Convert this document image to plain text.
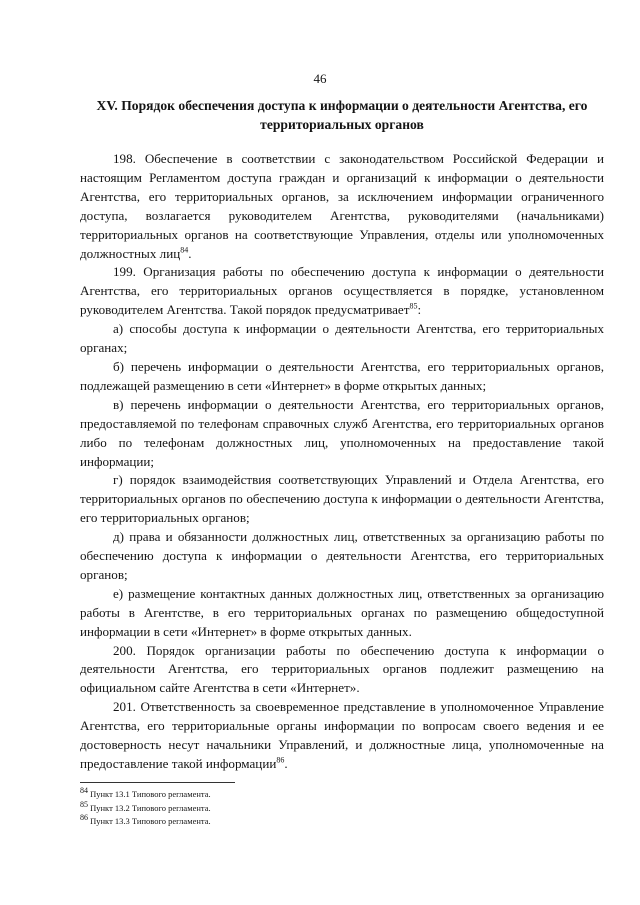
46
XV. Порядок обеспечения доступа к информации о деятельности Агентства, его территориальных органов

198. Обеспечение в соответствии с законодательством Российской Федерации и настоящим Регламентом доступа граждан и организаций к информации о деятельности Агентства, его территориальных органов, за исключением информации ограниченного доступа, возлагается руководителем Агентства, руководителями (начальниками) территориальных органов на соответствующие Управления, отделы или уполномоченных должностных лиц$^{84}$.

199. Организация работы по обеспечению доступа к информации о деятельности Агентства, его территориальных органов осуществляется в порядке, установленном руководителем Агентства. Такой порядок предусматривает$^{85}$:

а) способы доступа к информации о деятельности Агентства, его территориальных органах;

б) перечень информации о деятельности Агентства, его территориальных органов, подлежащей размещению в сети «Интернет» в форме открытых данных;

в) перечень информации о деятельности Агентства, его территориальных органов, предоставляемой по телефонам справочных служб Агентства, его территориальных органов либо по телефонам должностных лиц, уполномоченных на предоставление такой информации;

г) порядок взаимодействия соответствующих Управлений и Отдела Агентства, его территориальных органов по обеспечению доступа к информации о деятельности Агентства, его территориальных органов;

д) права и обязанности должностных лиц, ответственных за организацию работы по обеспечению доступа к информации о деятельности Агентства, его территориальных органов;

е) размещение контактных данных должностных лиц, ответственных за организацию работы в Агентстве, в его территориальных органах по размещению общедоступной информации в сети «Интернет» в форме открытых данных.

200. Порядок организации работы по обеспечению доступа к информации о деятельности Агентства, его территориальных органов подлежит размещению на официальном сайте Агентства в сети «Интернет».

201. Ответственность за своевременное представление в уполномоченное Управление Агентства, его территориальные органы информации по вопросам своего ведения и ее достоверность несут начальники Управлений, и должностные лица, уполномоченные на предоставление такой информации$^{86}$.

$^{84}$ Пункт 13.1 Типового регламента.

$^{85}$ Пункт 13.2 Типового регламента.

$^{86}$ Пункт 13.3 Типового регламента.
